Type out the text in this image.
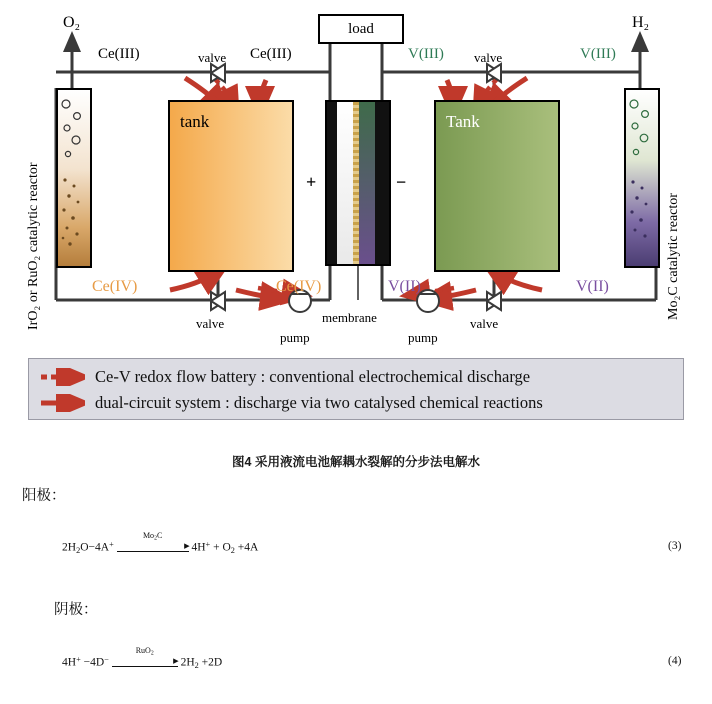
load
tank	Tank
+	−
O₂	H₂
Ce(III)	Ce(III)	V(III)	V(III)
valve	valve
Ce(IV)	Ce(IV)	V(II)	V(II)
valve	valve
pump	pump
membrane
IrO₂ or RuO₂ catalytic reactor	Mo₂C catalytic reactor
Ce-V redox flow battery : conventional electrochemical discharge
dual-circuit system : discharge via two catalysed chemical reactions
图4 采用液流电池解耦水裂解的分步法电解水
阳极：
$2H_2O-4A^+$
$Mo_2C$
▸ $4H^+ + O_2 +4A$	(3)
阴极：
4H+ −4D−
RuO$_2$
▸ $2H_2 +2D$	(4)
